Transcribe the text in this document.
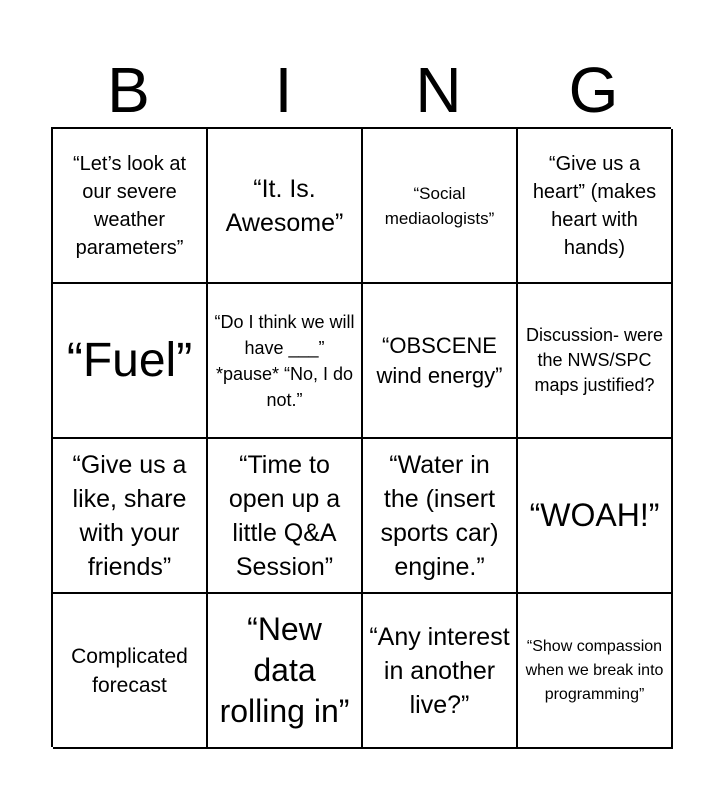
B	I	N	G
“Let’s look at our severe weather parameters”
“It. Is. Awesome”
“Social mediaologists”
“Give us a heart” (makes heart with hands)
“Fuel”
“Do I think we will have ___” *pause* “No, I do not.”
“OBSCENE wind energy”
Discussion- were the NWS/SPC maps justified?
“Give us a like, share with your friends”
“Time to open up a little Q&A Session”
“Water in the (insert sports car) engine.”
“WOAH!”
Complicated forecast
“New data rolling in”
“Any interest in another live?”
“Show compassion when we break into programming”
